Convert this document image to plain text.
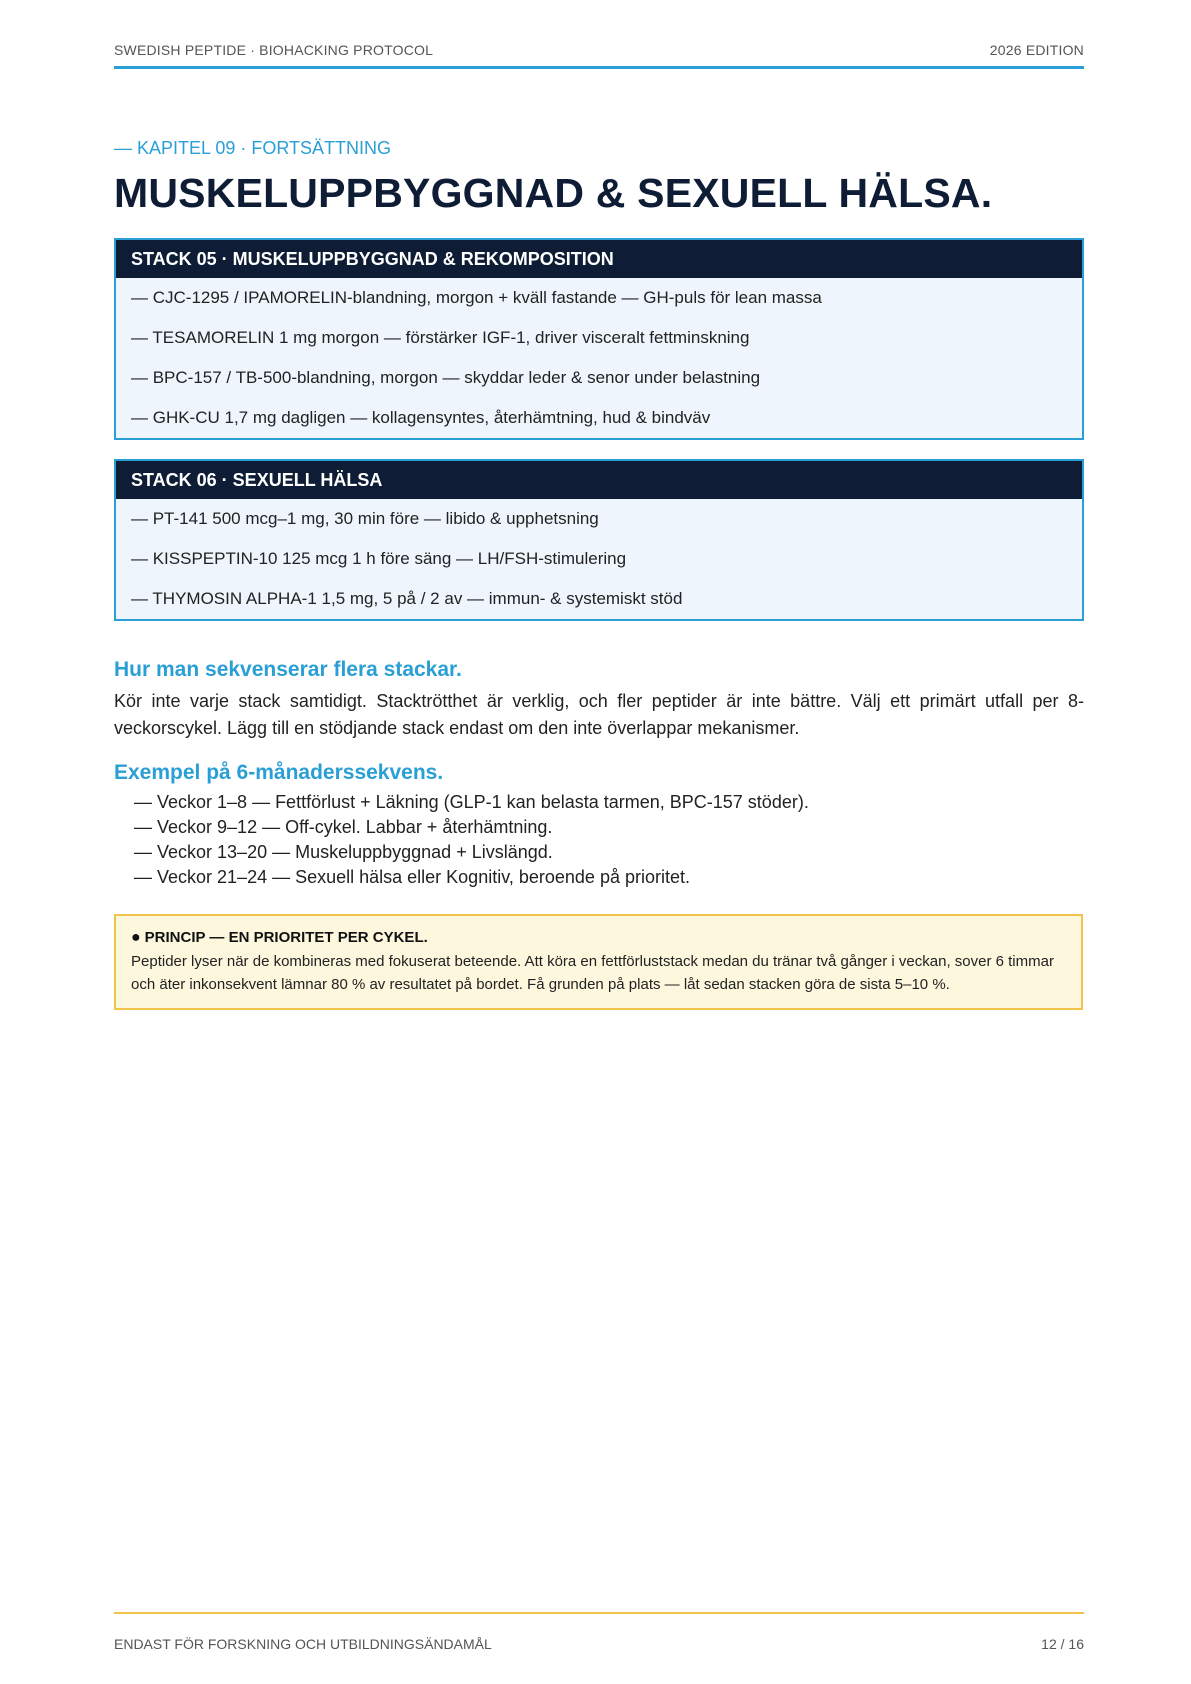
SWEDISH PEPTIDE · BIOHACKING PROTOCOL	2026 EDITION
— KAPITEL 09 · FORTSÄTTNING
MUSKELUPPBYGGNAD & SEXUELL HÄLSA.
STACK 05 · MUSKELUPPBYGGNAD & REKOMPOSITION
— CJC-1295 / IPAMORELIN-blandning, morgon + kväll fastande — GH-puls för lean massa
— TESAMORELIN 1 mg morgon — förstärker IGF-1, driver visceralt fettminskning
— BPC-157 / TB-500-blandning, morgon — skyddar leder & senor under belastning
— GHK-CU 1,7 mg dagligen — kollagensyntes, återhämtning, hud & bindväv
STACK 06 · SEXUELL HÄLSA
— PT-141 500 mcg–1 mg, 30 min före — libido & upphetsning
— KISSPEPTIN-10 125 mcg 1 h före säng — LH/FSH-stimulering
— THYMOSIN ALPHA-1 1,5 mg, 5 på / 2 av — immun- & systemiskt stöd
Hur man sekvenserar flera stackar.

Kör inte varje stack samtidigt. Stacktrötthet är verklig, och fler peptider är inte bättre. Välj ett primärt utfall per 8-veckorscykel. Lägg till en stödjande stack endast om den inte överlappar mekanismer.

Exempel på 6-månaderssekvens.
— Veckor 1–8 — Fettförlust + Läkning (GLP-1 kan belasta tarmen, BPC-157 stöder).
— Veckor 9–12 — Off-cykel. Labbar + återhämtning.
— Veckor 13–20 — Muskeluppbyggnad + Livslängd.
— Veckor 21–24 — Sexuell hälsa eller Kognitiv, beroende på prioritet.
● PRINCIP — EN PRIORITET PER CYKEL.
Peptider lyser när de kombineras med fokuserat beteende. Att köra en fettförluststack medan du tränar två gånger i veckan, sover 6 timmar och äter inkonsekvent lämnar 80 % av resultatet på bordet. Få grunden på plats — låt sedan stacken göra de sista 5–10 %.
ENDAST FÖR FORSKNING OCH UTBILDNINGSÄNDAMÅL	12 / 16
